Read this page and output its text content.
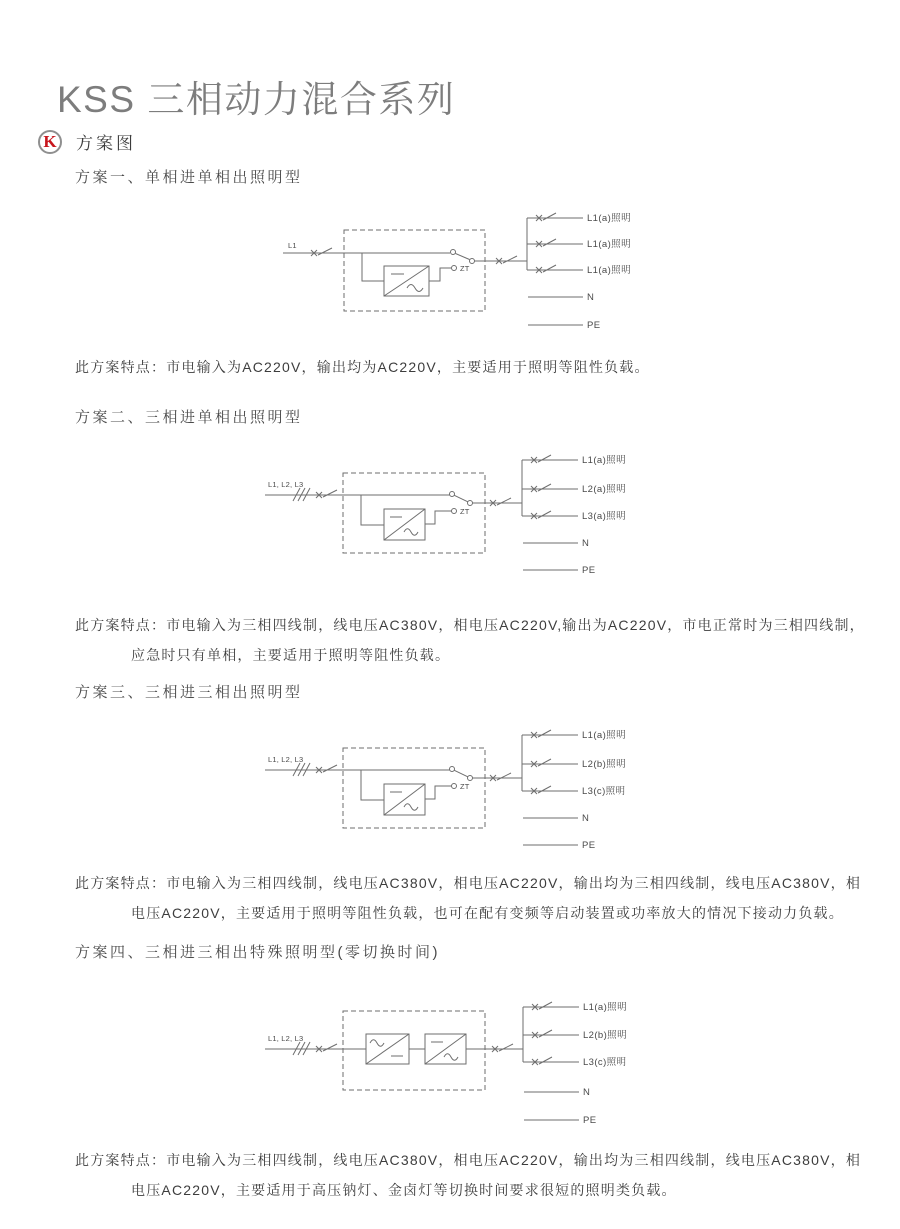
KSS 三相动力混合系列
K	方案图
方案一、单相进单相出照明型
L1
ZT
L1(a)照明
L1(a)照明
L1(a)照明
N
PE

此方案特点：市电输入为AC220V，输出均为AC220V，主要适用于照明等阻性负载。

方案二、三相进单相出照明型
L1, L2, L3
ZT
L1(a)照明
L2(a)照明
L3(a)照明
N
PE

此方案特点：市电输入为三相四线制，线电压AC380V，相电压AC220V,输出为AC220V，市电正常时为三相四线制，
应急时只有单相，主要适用于照明等阻性负载。

方案三、三相进三相出照明型
L1, L2, L3
ZT
L1(a)照明
L2(b)照明
L3(c)照明
N
PE

此方案特点：市电输入为三相四线制，线电压AC380V，相电压AC220V，输出均为三相四线制，线电压AC380V，相
电压AC220V，主要适用于照明等阻性负载，也可在配有变频等启动装置或功率放大的情况下接动力负载。

方案四、三相进三相出特殊照明型(零切换时间)
L1, L2, L3
L1(a)照明
L2(b)照明
L3(c)照明
N
PE

此方案特点：市电输入为三相四线制，线电压AC380V，相电压AC220V，输出均为三相四线制，线电压AC380V，相
电压AC220V，主要适用于高压钠灯、金卤灯等切换时间要求很短的照明类负载。
